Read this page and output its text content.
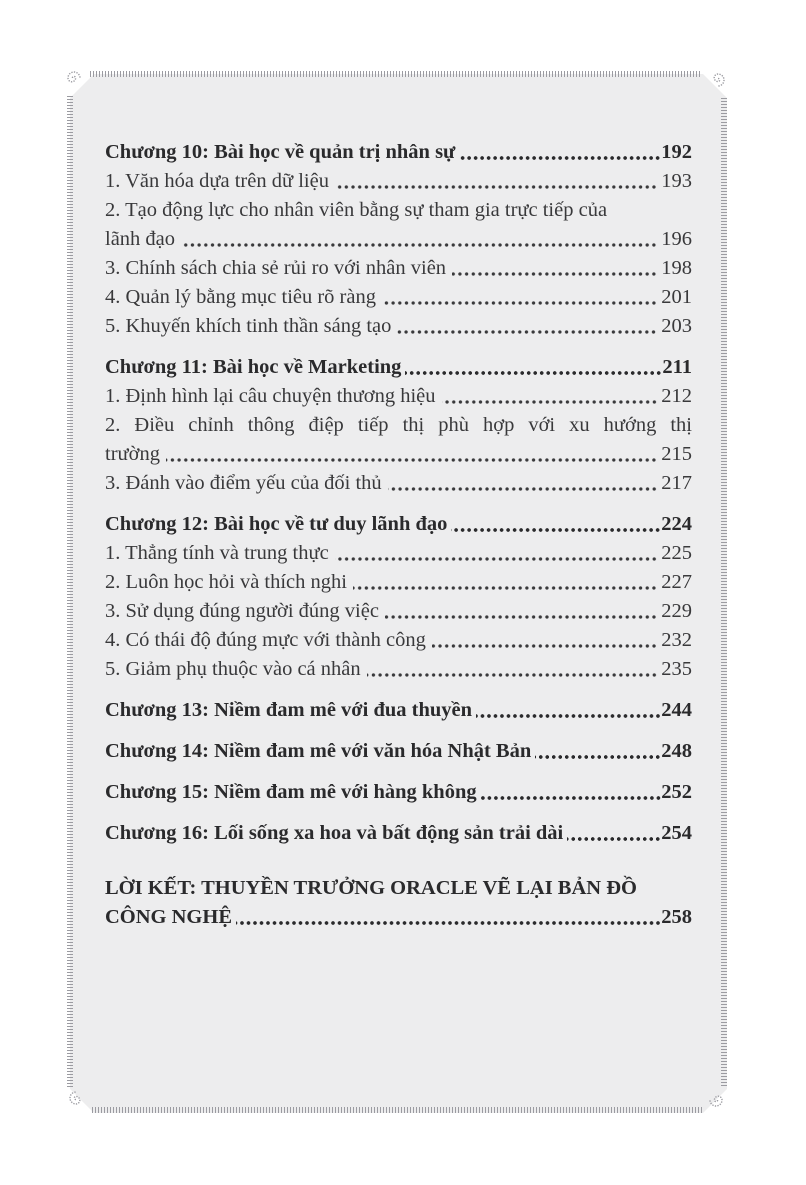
Chương 10: Bài học về quản trị nhân sự	192
1. Văn hóa dựa trên dữ liệu	193
2. Tạo động lực cho nhân viên bằng sự tham gia trực tiếp của
lãnh đạo	196
3. Chính sách chia sẻ rủi ro với nhân viên	198
4. Quản lý bằng mục tiêu rõ ràng	201
5. Khuyến khích tinh thần sáng tạo	203
Chương 11: Bài học về Marketing	211
1. Định hình lại câu chuyện thương hiệu	212
2. Điều chỉnh thông điệp tiếp thị phù hợp với xu hướng thị
trường	215
3. Đánh vào điểm yếu của đối thủ	217
Chương 12: Bài học về tư duy lãnh đạo	224
1. Thẳng tính và trung thực	225
2. Luôn học hỏi và thích nghi	227
3. Sử dụng đúng người đúng việc	229
4. Có thái độ đúng mực với thành công	232
5. Giảm phụ thuộc vào cá nhân	235
Chương 13: Niềm đam mê với đua thuyền	244
Chương 14: Niềm đam mê với văn hóa Nhật Bản	248
Chương 15: Niềm đam mê với hàng không	252
Chương 16: Lối sống xa hoa và bất động sản trải dài	254
LỜI KẾT: THUYỀN TRƯỞNG ORACLE VẼ LẠI BẢN ĐỒ
CÔNG NGHỆ	258
